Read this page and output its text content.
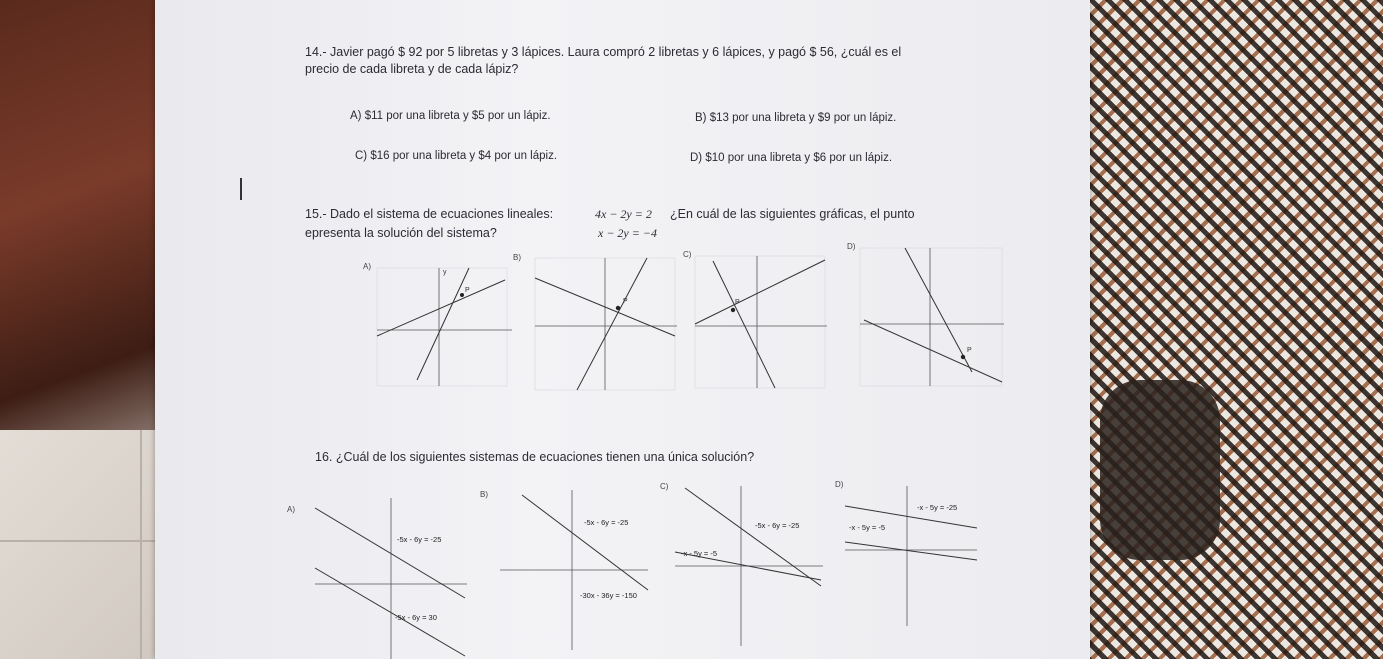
14.- Javier pagó $ 92 por 5 libretas y 3 lápices. Laura compró 2 libretas y 6 lápices, y pagó $ 56, ¿cuál es el
precio de cada libreta y de cada lápiz?
A) $11 por una libreta y $5 por un lápiz.	B) $13 por una libreta y $9 por un lápiz.
C) $16 por una libreta y $4 por un lápiz.	D) $10 por una libreta y $6 por un lápiz.
15.- Dado el sistema de ecuaciones lineales:	4x − 2y = 2 ¿En cuál de las siguientes gráficas, el punto
epresenta la solución del sistema?	x − 2y = −4
A)
P
y
B)
P
C)
P
D)
P
16. ¿Cuál de los siguientes sistemas de ecuaciones tienen una única solución?
A)
-5x - 6y = -25
-5x - 6y = 30
B)
-5x - 6y = -25
-30x - 36y = -150
C)
-5x - 6y = -25
-x - 5y = -5
D)
-x - 5y = -25
-x - 5y = -5
